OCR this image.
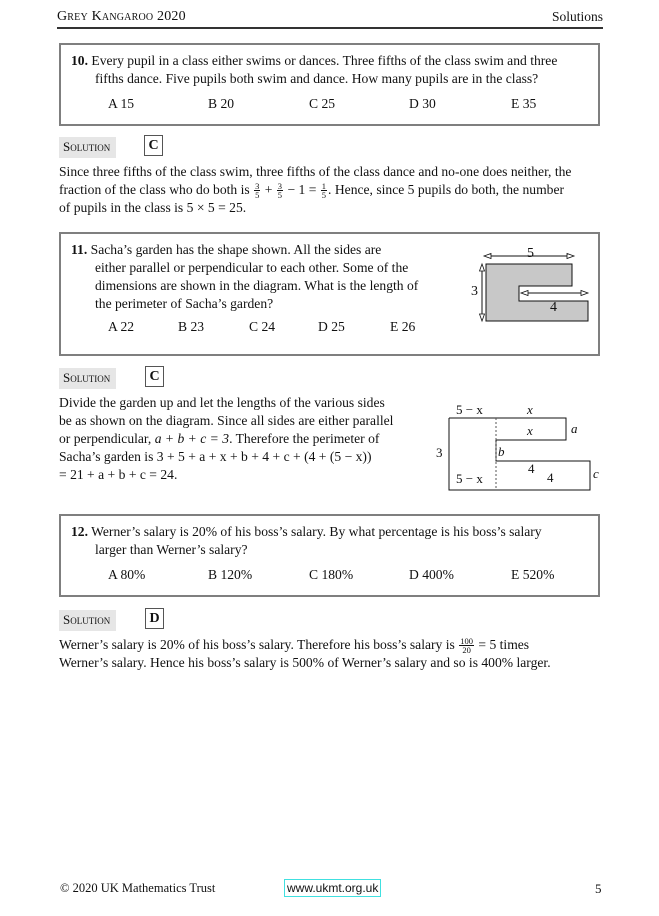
Grey Kangaroo 2020	Solutions
10. Every pupil in a class either swims or dances. Three fifths of the class swim and three
fifths dance. Five pupils both swim and dance. How many pupils are in the class?
A 15	B 20	C 25	D 30	E 35
Solution	C
Since three fifths of the class swim, three fifths of the class dance and no-one does neither, the
fraction of the class who do both is $\frac{3}{5} + \frac{3}{5} - 1 = \frac{1}{5}$ . Hence, since 5 pupils do both, the number
of pupils in the class is 5 × 5 = 25.
11. Sacha’s garden has the shape shown. All the sides are
either parallel or perpendicular to each other. Some of the
dimensions are shown in the diagram. What is the length of
the perimeter of Sacha’s garden?
A 22	B 23	C 24	D 25	E 26
5
3
4
Solution	C
Divide the garden up and let the lengths of the various sides
be as shown on the diagram. Since all sides are either parallel
or perpendicular, a + b + c = 3. Therefore the perimeter of
Sacha’s garden is 3 + 5 + a + x + b + 4 + c + (4 + (5 − x))
= 21 + a + b + c = 24.
5 − x	x
x	a
b
c
3
4
4
5 − x
12. Werner’s salary is 20% of his boss’s salary. By what percentage is his boss’s salary
larger than Werner’s salary?
A 80%	B 120%	C 180%	D 400%	E 520%
Solution	D
Werner’s salary is 20% of his boss’s salary. Therefore his boss’s salary is $\frac{100}{20} = 5$ times
Werner’s salary. Hence his boss’s salary is 500% of Werner’s salary and so is 400% larger.
© 2020 UK Mathematics Trust	www.ukmt.org.uk	5
